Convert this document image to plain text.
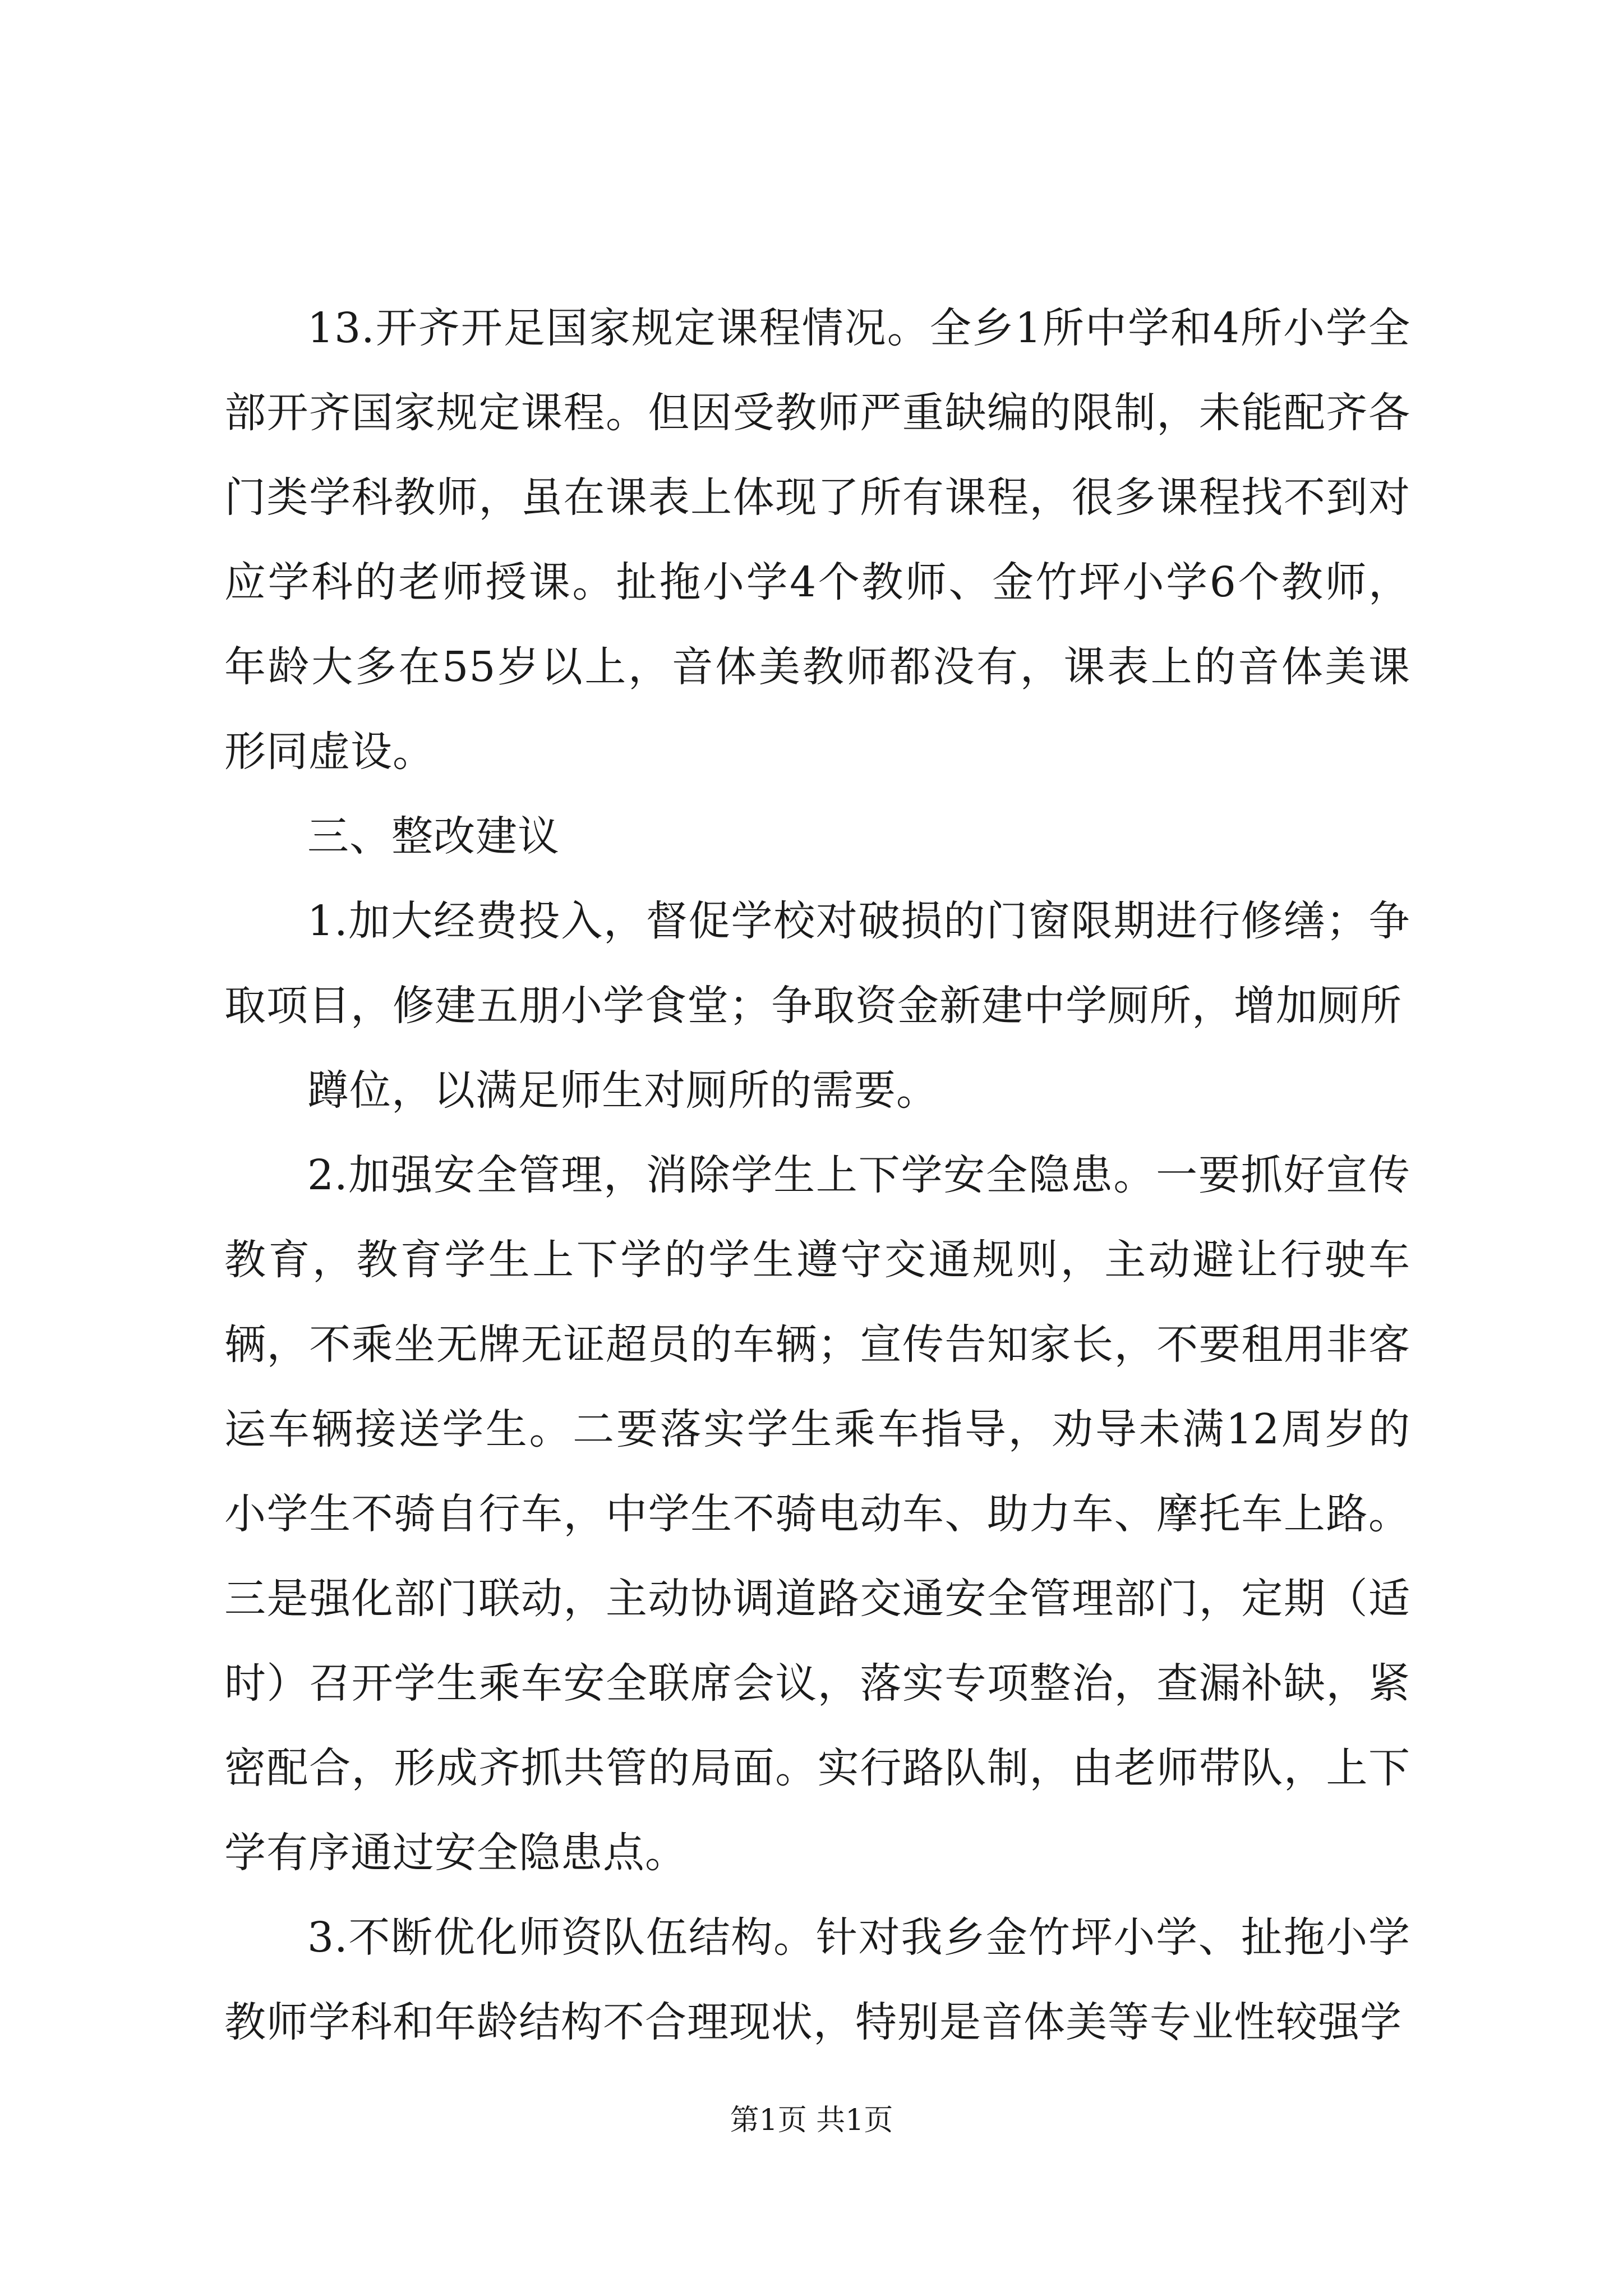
13.开齐开足国家规定课程情况。全乡1所中学和4所小学全部开齐国家规定课程。但因受教师严重缺编的限制，未能配齐各门类学科教师，虽在课表上体现了所有课程，很多课程找不到对应学科的老师授课。扯拖小学4个教师、金竹坪小学6个教师，年龄大多在55岁以上，音体美教师都没有，课表上的音体美课形同虚设。

三、整改建议

1.加大经费投入，督促学校对破损的门窗限期进行修缮；争取项目，修建五朋小学食堂；争取资金新建中学厕所，增加厕所

蹲位，以满足师生对厕所的需要。

2.加强安全管理，消除学生上下学安全隐患。一要抓好宣传教育，教育学生上下学的学生遵守交通规则，主动避让行驶车辆，不乘坐无牌无证超员的车辆；宣传告知家长，不要租用非客运车辆接送学生。二要落实学生乘车指导，劝导未满12周岁的小学生不骑自行车，中学生不骑电动车、助力车、摩托车上路。三是强化部门联动，主动协调道路交通安全管理部门，定期（适时）召开学生乘车安全联席会议，落实专项整治，查漏补缺，紧密配合，形成齐抓共管的局面。实行路队制，由老师带队，上下学有序通过安全隐患点。

3.不断优化师资队伍结构。针对我乡金竹坪小学、扯拖小学教师学科和年龄结构不合理现状，特别是音体美等专业性较强学

第1页 共1页
